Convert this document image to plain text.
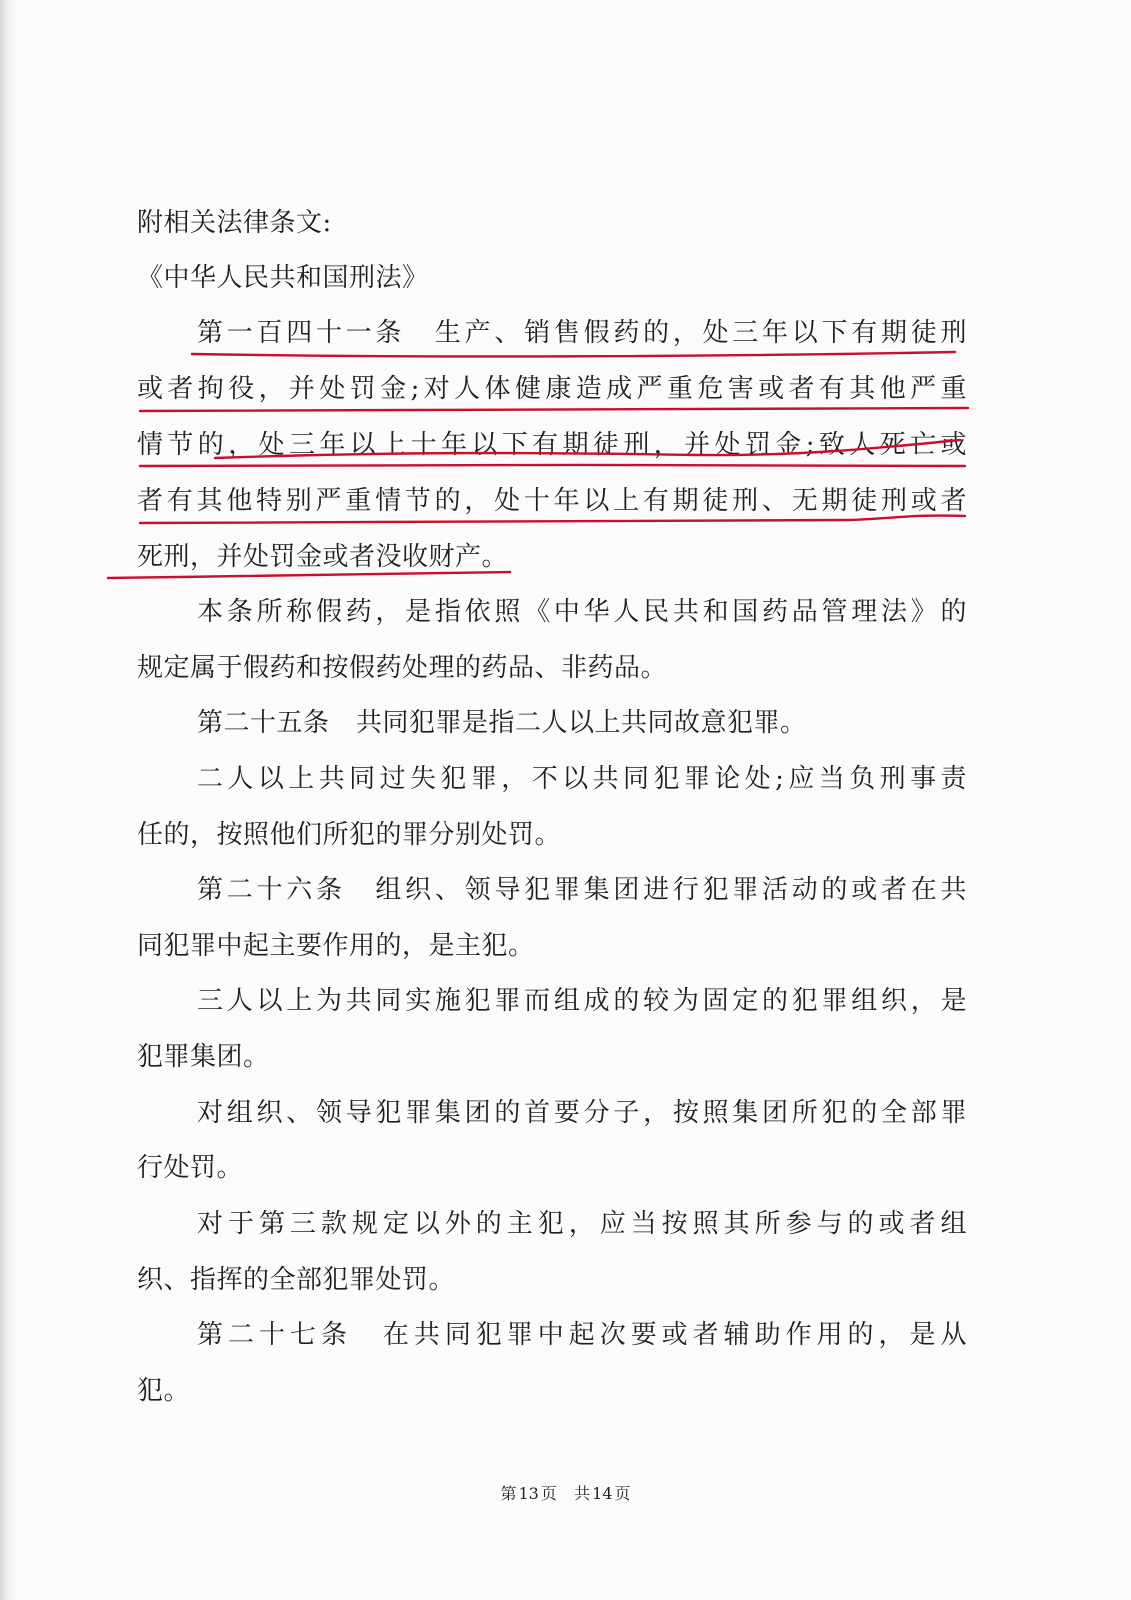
附相关法律条文:
《中华人民共和国刑法》
第一百四十一条　生产、销售假药的，处三年以下有期徒刑
或者拘役，并处罚金;对人体健康造成严重危害或者有其他严重
情节的，处三年以上十年以下有期徒刑，并处罚金;致人死亡或
者有其他特别严重情节的，处十年以上有期徒刑、无期徒刑或者
死刑，并处罚金或者没收财产。
本条所称假药，是指依照《中华人民共和国药品管理法》的
规定属于假药和按假药处理的药品、非药品。
第二十五条　共同犯罪是指二人以上共同故意犯罪。
二人以上共同过失犯罪，不以共同犯罪论处;应当负刑事责
任的，按照他们所犯的罪分别处罚。
第二十六条　组织、领导犯罪集团进行犯罪活动的或者在共
同犯罪中起主要作用的，是主犯。
三人以上为共同实施犯罪而组成的较为固定的犯罪组织，是
犯罪集团。
对组织、领导犯罪集团的首要分子，按照集团所犯的全部罪
行处罚。
对于第三款规定以外的主犯，应当按照其所参与的或者组
织、指挥的全部犯罪处罚。
第二十七条　在共同犯罪中起次要或者辅助作用的，是从
犯。
第 13 页 共 14 页
